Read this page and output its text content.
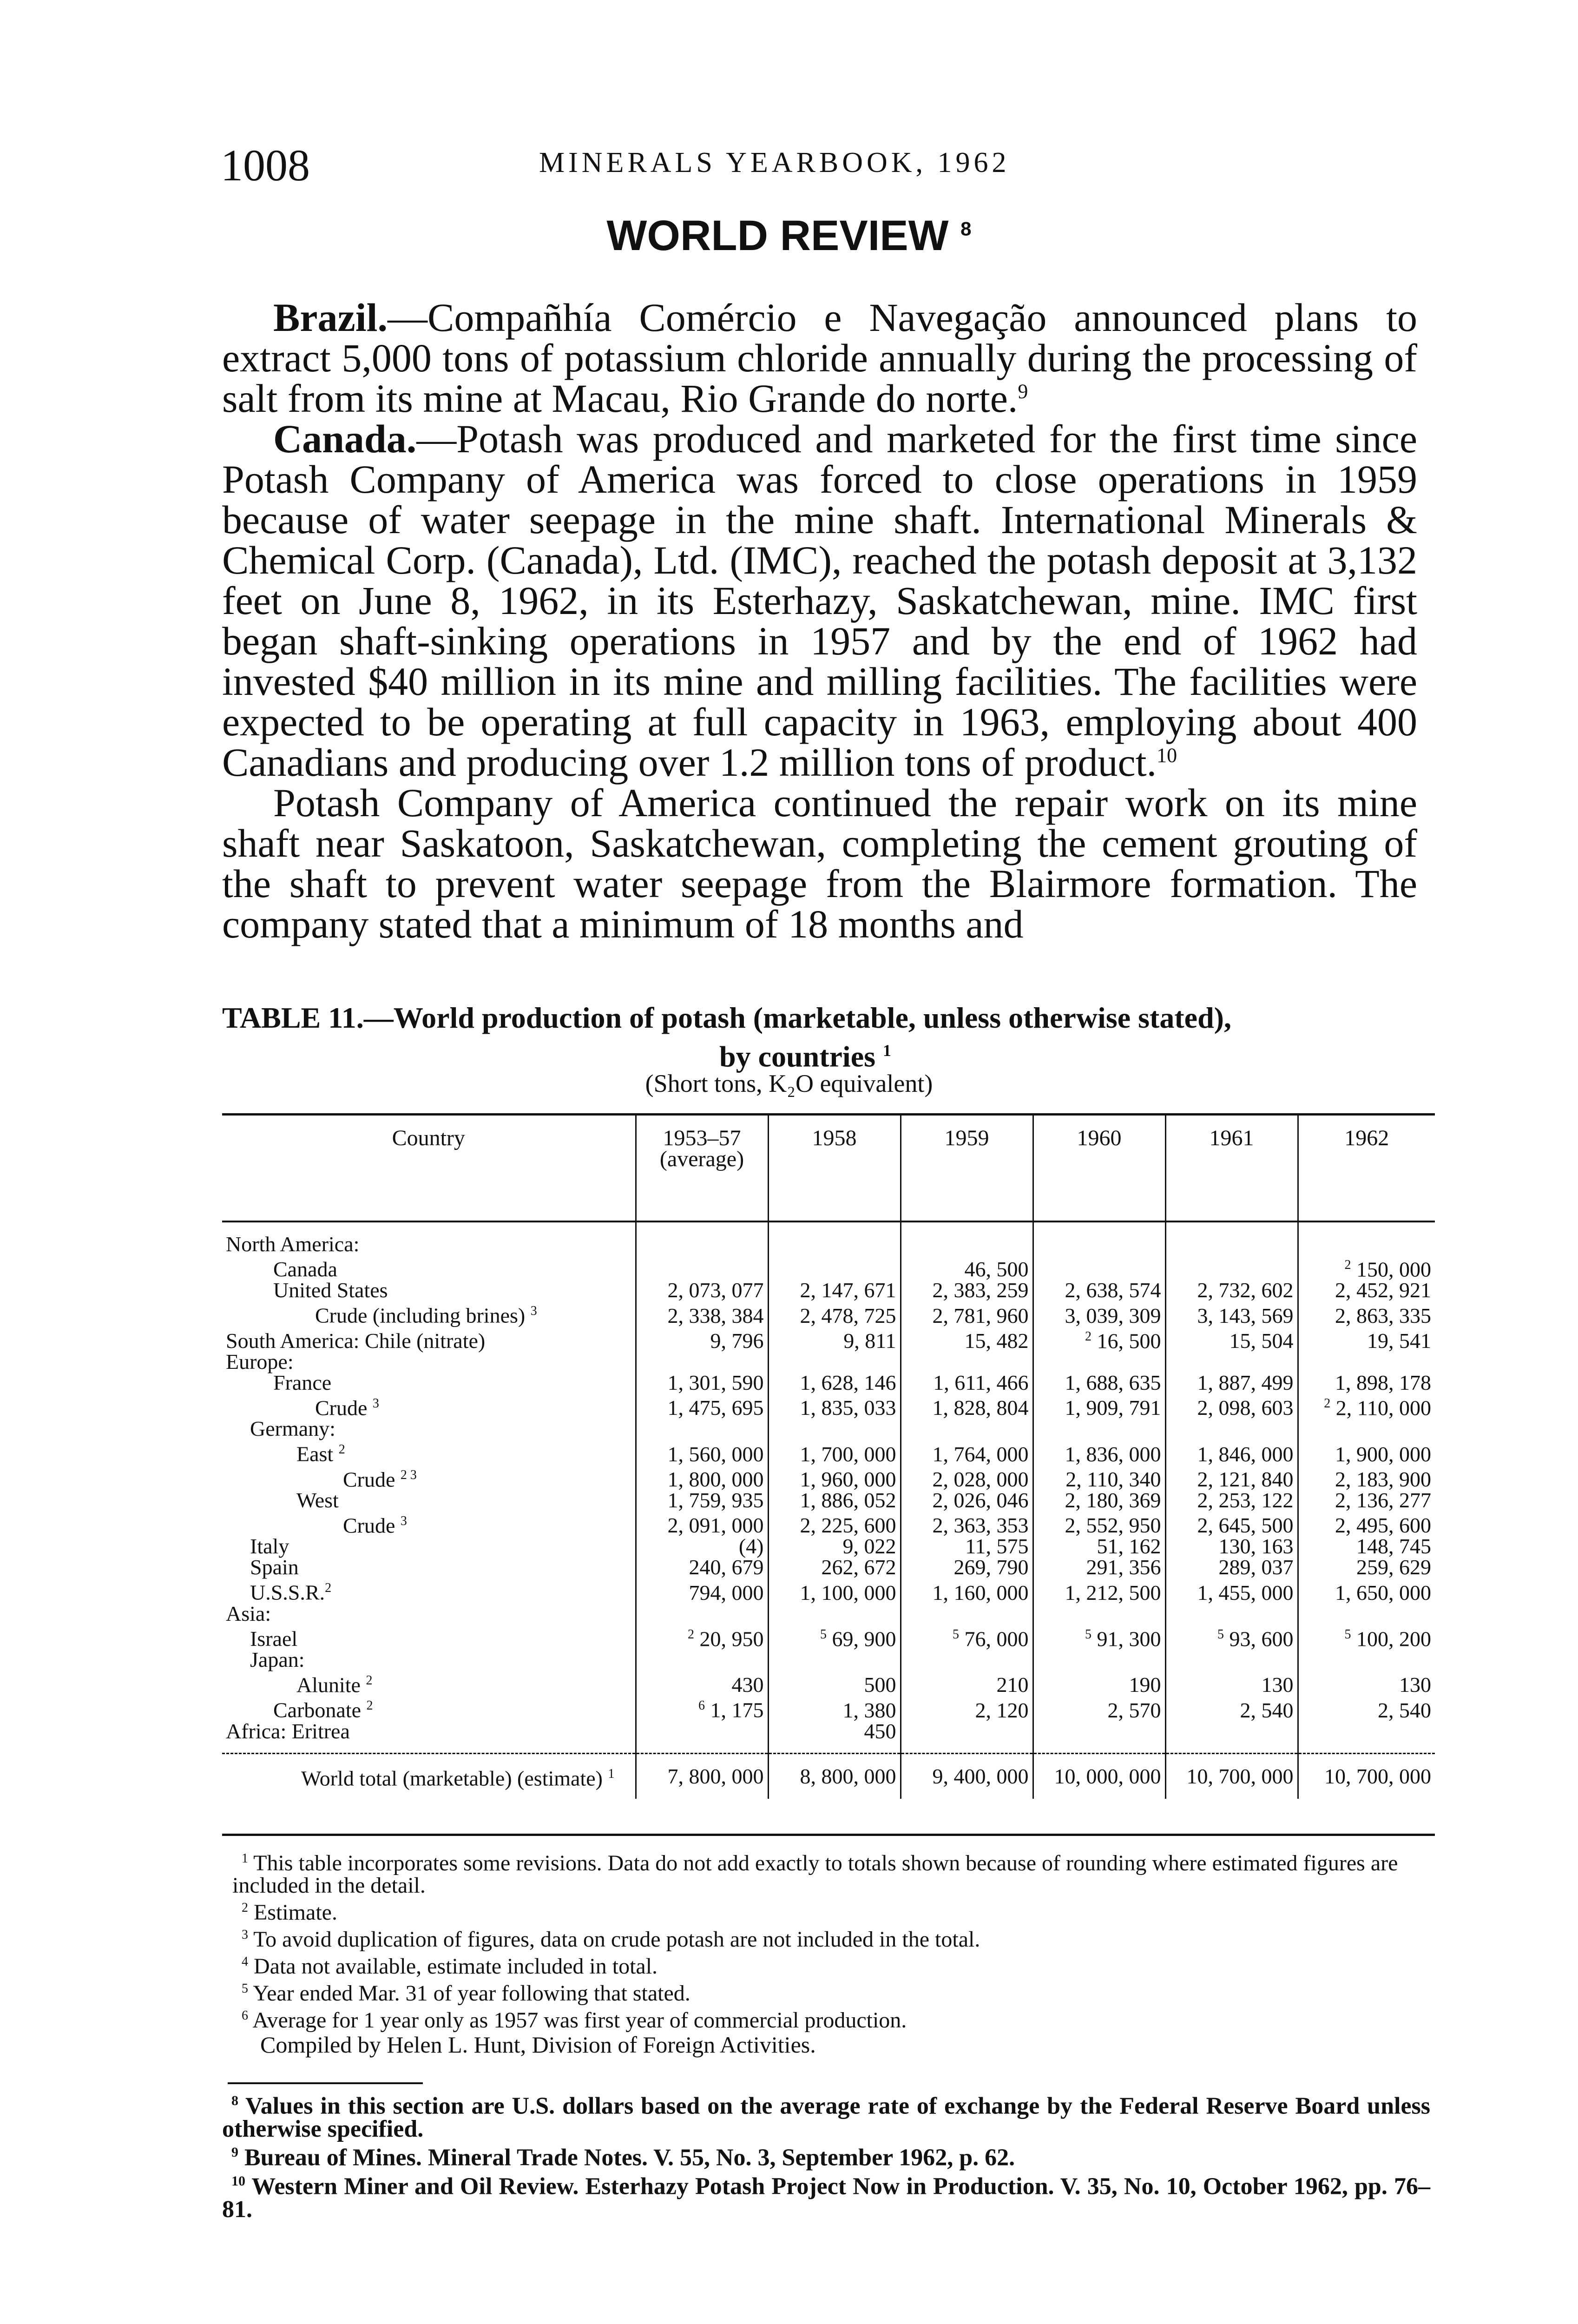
1008	MINERALS YEARBOOK, 1962
WORLD REVIEW $^8$

Brazil.—Compañhía Comércio e Navegação announced plans to extract 5,000 tons of potassium chloride annually during the processing of salt from its mine at Macau, Rio Grande do norte.$^9$

Canada.—Potash was produced and marketed for the first time since Potash Company of America was forced to close operations in 1959 because of water seepage in the mine shaft. International Minerals & Chemical Corp. (Canada), Ltd. (IMC), reached the potash deposit at 3,132 feet on June 8, 1962, in its Esterhazy, Saskatchewan, mine. IMC first began shaft-sinking operations in 1957 and by the end of 1962 had invested $40 million in its mine and milling facilities. The facilities were expected to be operating at full capacity in 1963, employing about 400 Canadians and producing over 1.2 million tons of product.$^{10}$

Potash Company of America continued the repair work on its mine shaft near Saskatoon, Saskatchewan, completing the cement grouting of the shaft to prevent water seepage from the Blairmore formation. The company stated that a minimum of 18 months and

TABLE 11.—World production of potash (marketable, unless otherwise stated),
by countries $^1$
(Short tons, K₂O equivalent)
Country	1953–57 (average)	1958	1959	1960	1961	1962

North America:						
Canada			46, 500			$^2$ 150, 000
United States	2, 073, 077	2, 147, 671	2, 383, 259	2, 638, 574	2, 732, 602	2, 452, 921
Crude (including brines) $^3$	2, 338, 384	2, 478, 725	2, 781, 960	3, 039, 309	3, 143, 569	2, 863, 335
South America: Chile (nitrate)	9, 796	9, 811	15, 482	$^2$ 16, 500	15, 504	19, 541
Europe:						
France	1, 301, 590	1, 628, 146	1, 611, 466	1, 688, 635	1, 887, 499	1, 898, 178
Crude $^3$	1, 475, 695	1, 835, 033	1, 828, 804	1, 909, 791	2, 098, 603	$^2$ 2, 110, 000
Germany:						
East $^2$	1, 560, 000	1, 700, 000	1, 764, 000	1, 836, 000	1, 846, 000	1, 900, 000
Crude $^{2 3}$	1, 800, 000	1, 960, 000	2, 028, 000	2, 110, 340	2, 121, 840	2, 183, 900
West	1, 759, 935	1, 886, 052	2, 026, 046	2, 180, 369	2, 253, 122	2, 136, 277
Crude $^3$	2, 091, 000	2, 225, 600	2, 363, 353	2, 552, 950	2, 645, 500	2, 495, 600
Italy	(4)	9, 022	11, 575	51, 162	130, 163	148, 745
Spain	240, 679	262, 672	269, 790	291, 356	289, 037	259, 629
U.S.S.R.$^2$	794, 000	1, 100, 000	1, 160, 000	1, 212, 500	1, 455, 000	1, 650, 000
Asia:						
Israel	$^2$ 20, 950	$^5$ 69, 900	$^5$ 76, 000	$^5$ 91, 300	$^5$ 93, 600	$^5$ 100, 200
Japan:						
Alunite $^2$	430	500	210	190	130	130
Carbonate $^2$	$^6$ 1, 175	1, 380	2, 120	2, 570	2, 540	2, 540
Africa: Eritrea		450				

World total (marketable) (estimate) $^1$	7, 800, 000	8, 800, 000	9, 400, 000	10, 000, 000	10, 700, 000	10, 700, 000

$^1$ This table incorporates some revisions. Data do not add exactly to totals shown because of rounding where estimated figures are included in the detail.

$^2$ Estimate.

$^3$ To avoid duplication of figures, data on crude potash are not included in the total.

$^4$ Data not available, estimate included in total.

$^5$ Year ended Mar. 31 of year following that stated.

$^6$ Average for 1 year only as 1957 was first year of commercial production.

Compiled by Helen L. Hunt, Division of Foreign Activities.

$^8$ Values in this section are U.S. dollars based on the average rate of exchange by the Federal Reserve Board unless otherwise specified.

$^9$ Bureau of Mines. Mineral Trade Notes. V. 55, No. 3, September 1962, p. 62.

$^{10}$ Western Miner and Oil Review. Esterhazy Potash Project Now in Production. V. 35, No. 10, October 1962, pp. 76–81.
